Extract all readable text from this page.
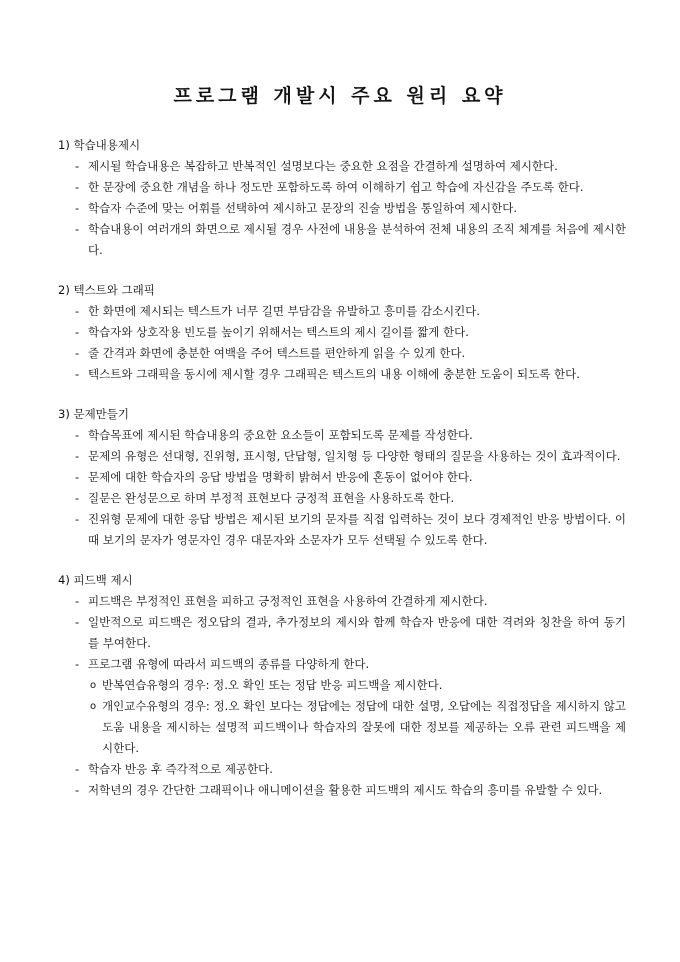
프로그램 개발시 주요 원리 요약
1) 학습내용제시
- 제시될 학습내용은 복잡하고 반복적인 설명보다는 중요한 요점을 간결하게 설명하여 제시한다.
- 한 문장에 중요한 개념을 하나 정도만 포함하도록 하여 이해하기 쉽고 학습에 자신감을 주도록 한다.
- 학습자 수준에 맞는 어휘를 선택하여 제시하고 문장의 진술 방법을 통일하여 제시한다.
- 학습내용이 여러개의 화면으로 제시될 경우 사전에 내용을 분석하여 전체 내용의 조직 체계를 처음에 제시한다.
2) 텍스트와 그래픽
- 한 화면에 제시되는 텍스트가 너무 길면 부담감을 유발하고 흥미를 감소시킨다.
- 학습자와 상호작용 빈도를 높이기 위해서는 텍스트의 제시 길이를 짧게 한다.
- 줄 간격과 화면에 충분한 여백을 주어 텍스트를 편안하게 읽을 수 있게 한다.
- 텍스트와 그래픽을 동시에 제시할 경우 그래픽은 텍스트의 내용 이해에 충분한 도움이 되도록 한다.
3) 문제만들기
- 학습목표에 제시된 학습내용의 중요한 요소들이 포함되도록 문제를 작성한다.
- 문제의 유형은 선대형, 진위형, 표시형, 단답형, 일치형 등 다양한 형태의 질문을 사용하는 것이 효과적이다.
- 문제에 대한 학습자의 응답 방법을 명확히 밝혀서 반응에 혼동이 없어야 한다.
- 질문은 완성문으로 하며 부정적 표현보다 긍정적 표현을 사용하도록 한다.
- 진위형 문제에 대한 응답 방법은 제시된 보기의 문자를 직접 입력하는 것이 보다 경제적인 반응 방법이다. 이때 보기의 문자가 영문자인 경우 대문자와 소문자가 모두 선택될 수 있도록 한다.
4) 피드백 제시
- 피드백은 부정적인 표현을 피하고 긍정적인 표현을 사용하여 간결하게 제시한다.
- 일반적으로 피드백은 정오답의 결과, 추가정보의 제시와 함께 학습자 반응에 대한 격려와 칭찬을 하여 동기를 부여한다.
- 프로그램 유형에 따라서 피드백의 종류를 다양하게 한다.
o 반복연습유형의 경우: 정.오 확인 또는 정답 반응 피드백을 제시한다.
o 개인교수유형의 경우: 정.오 확인 보다는 정답에는 정답에 대한 설명, 오답에는 직접정답을 제시하지 않고 도움 내용을 제시하는 설명적 피드백이나 학습자의 잘못에 대한 정보를 제공하는 오류 관련 피드백을 제시한다.
- 학습자 반응 후 즉각적으로 제공한다.
- 저학년의 경우 간단한 그래픽이나 애니메이션을 활용한 피드백의 제시도 학습의 흥미를 유발할 수 있다.
